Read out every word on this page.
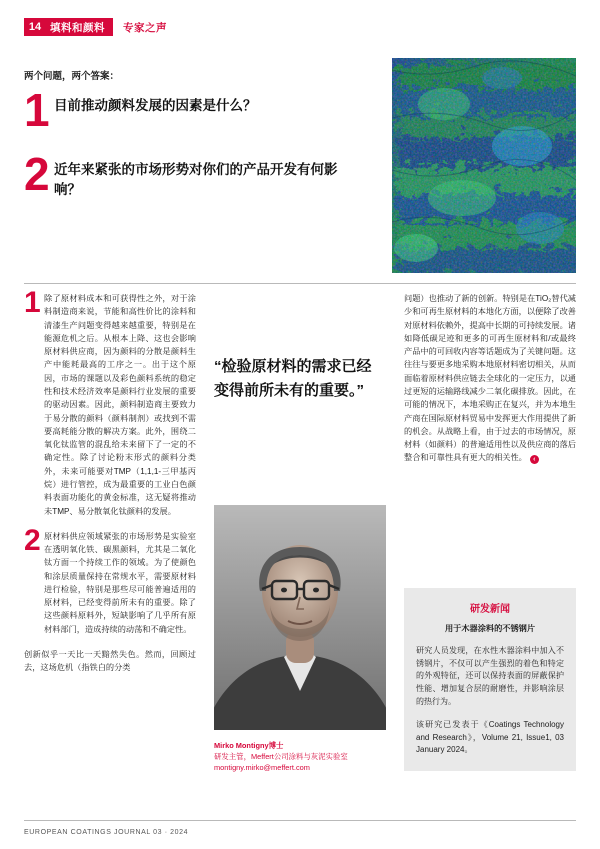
14 填料和颜料	专家之声
两个问题，两个答案：
1 目前推动颜料发展的因素是什么？
2 近年来紧张的市场形势对你们的产品开发有何影响？
1 除了原材料成本和可获得性之外，对于涂料制造商来说，节能和高性价比的涂料和清漆生产问题变得越来越重要，特别是在能源危机之后。从根本上降、这也会影响原材料供应商，因为颜料的分散是颜料生产中能耗最高的工序之一。出于这个原因，市场的课题以及彩色颜料系统的稳定性和技术经济效率是颜料行业发展的重要的驱动因素。因此，颜料制造商主要致力于易分散的颜料（颜料制剂）或找到不需要高耗能分散的解决方案。此外，围绕二氧化钛监管的混乱给未来留下了一定的不确定性。除了讨论粉末形式的颜料分类外，未来可能要对TMP（1,1,1-三甲基丙烷）进行管控，成为最重要的工业白色颜料表面功能化的黄金标准，这无疑将推动未TMP、易分散氧化钛颜料的发展。

2 原材料供应领域紧张的市场形势是实验室在透明氧化铁、碳黑颜料，尤其是二氧化钛方面一个持续工作的领域。为了使颜色和涂层质量保持在常规水平，需要原材料进行检验，特别是那些尽可能普遍适用的原材料，已经变得前所未有的重要。除了这些颜料原料外，短缺影响了几乎所有原材料部门，造成持续的动荡和不确定性。

创新似乎一天比一天黯然失色。然而，回顾过去，这场危机（指铁白的分类

“检验原材料的需求已经变得前所未有的重要。”
Mirko Montigny博士
研发主管，Meffert公司涂料与灰泥实验室
montigny.mirko@meffert.com

问题）也推动了新的创新。特别是在TiO₂替代减少和可再生原材料的本地化方面，以便除了改善对原材料依赖外，提高中长期的可持续发展。诸如降低碳足迹和更多的可再生原材料和/或最终产品中的可回收内容等话题成为了关键问题。这往往与要更多地采购本地原材料密切相关，从而面临着原材料供应链去全球化的一定压力，以通过更短的运输路线减少二氧化碳排放。因此，在可能的情况下，本地采购正在复兴，并为本地生产商在国际原材料贸易中发挥更大作用提供了新的机会。从战略上看，由于过去的市场情况，原材料（如颜料）的普遍适用性以及供应商的落后整合和可靠性具有更大的相关性。 ‹

研发新闻

用于木器涂料的不锈钢片

研究人员发现，在水性木器涂料中加入不锈钢片，不仅可以产生强烈的着色和特定的外观特征，还可以保持表面的屏蔽保护性能、增加复合层的耐磨性，并影响涂层的热行为。

该研究已发表于《Coatings Technology and Research》，Volume 21, Issue1, 03 January 2024。

EUROPEAN COATINGS JOURNAL 03 · 2024
